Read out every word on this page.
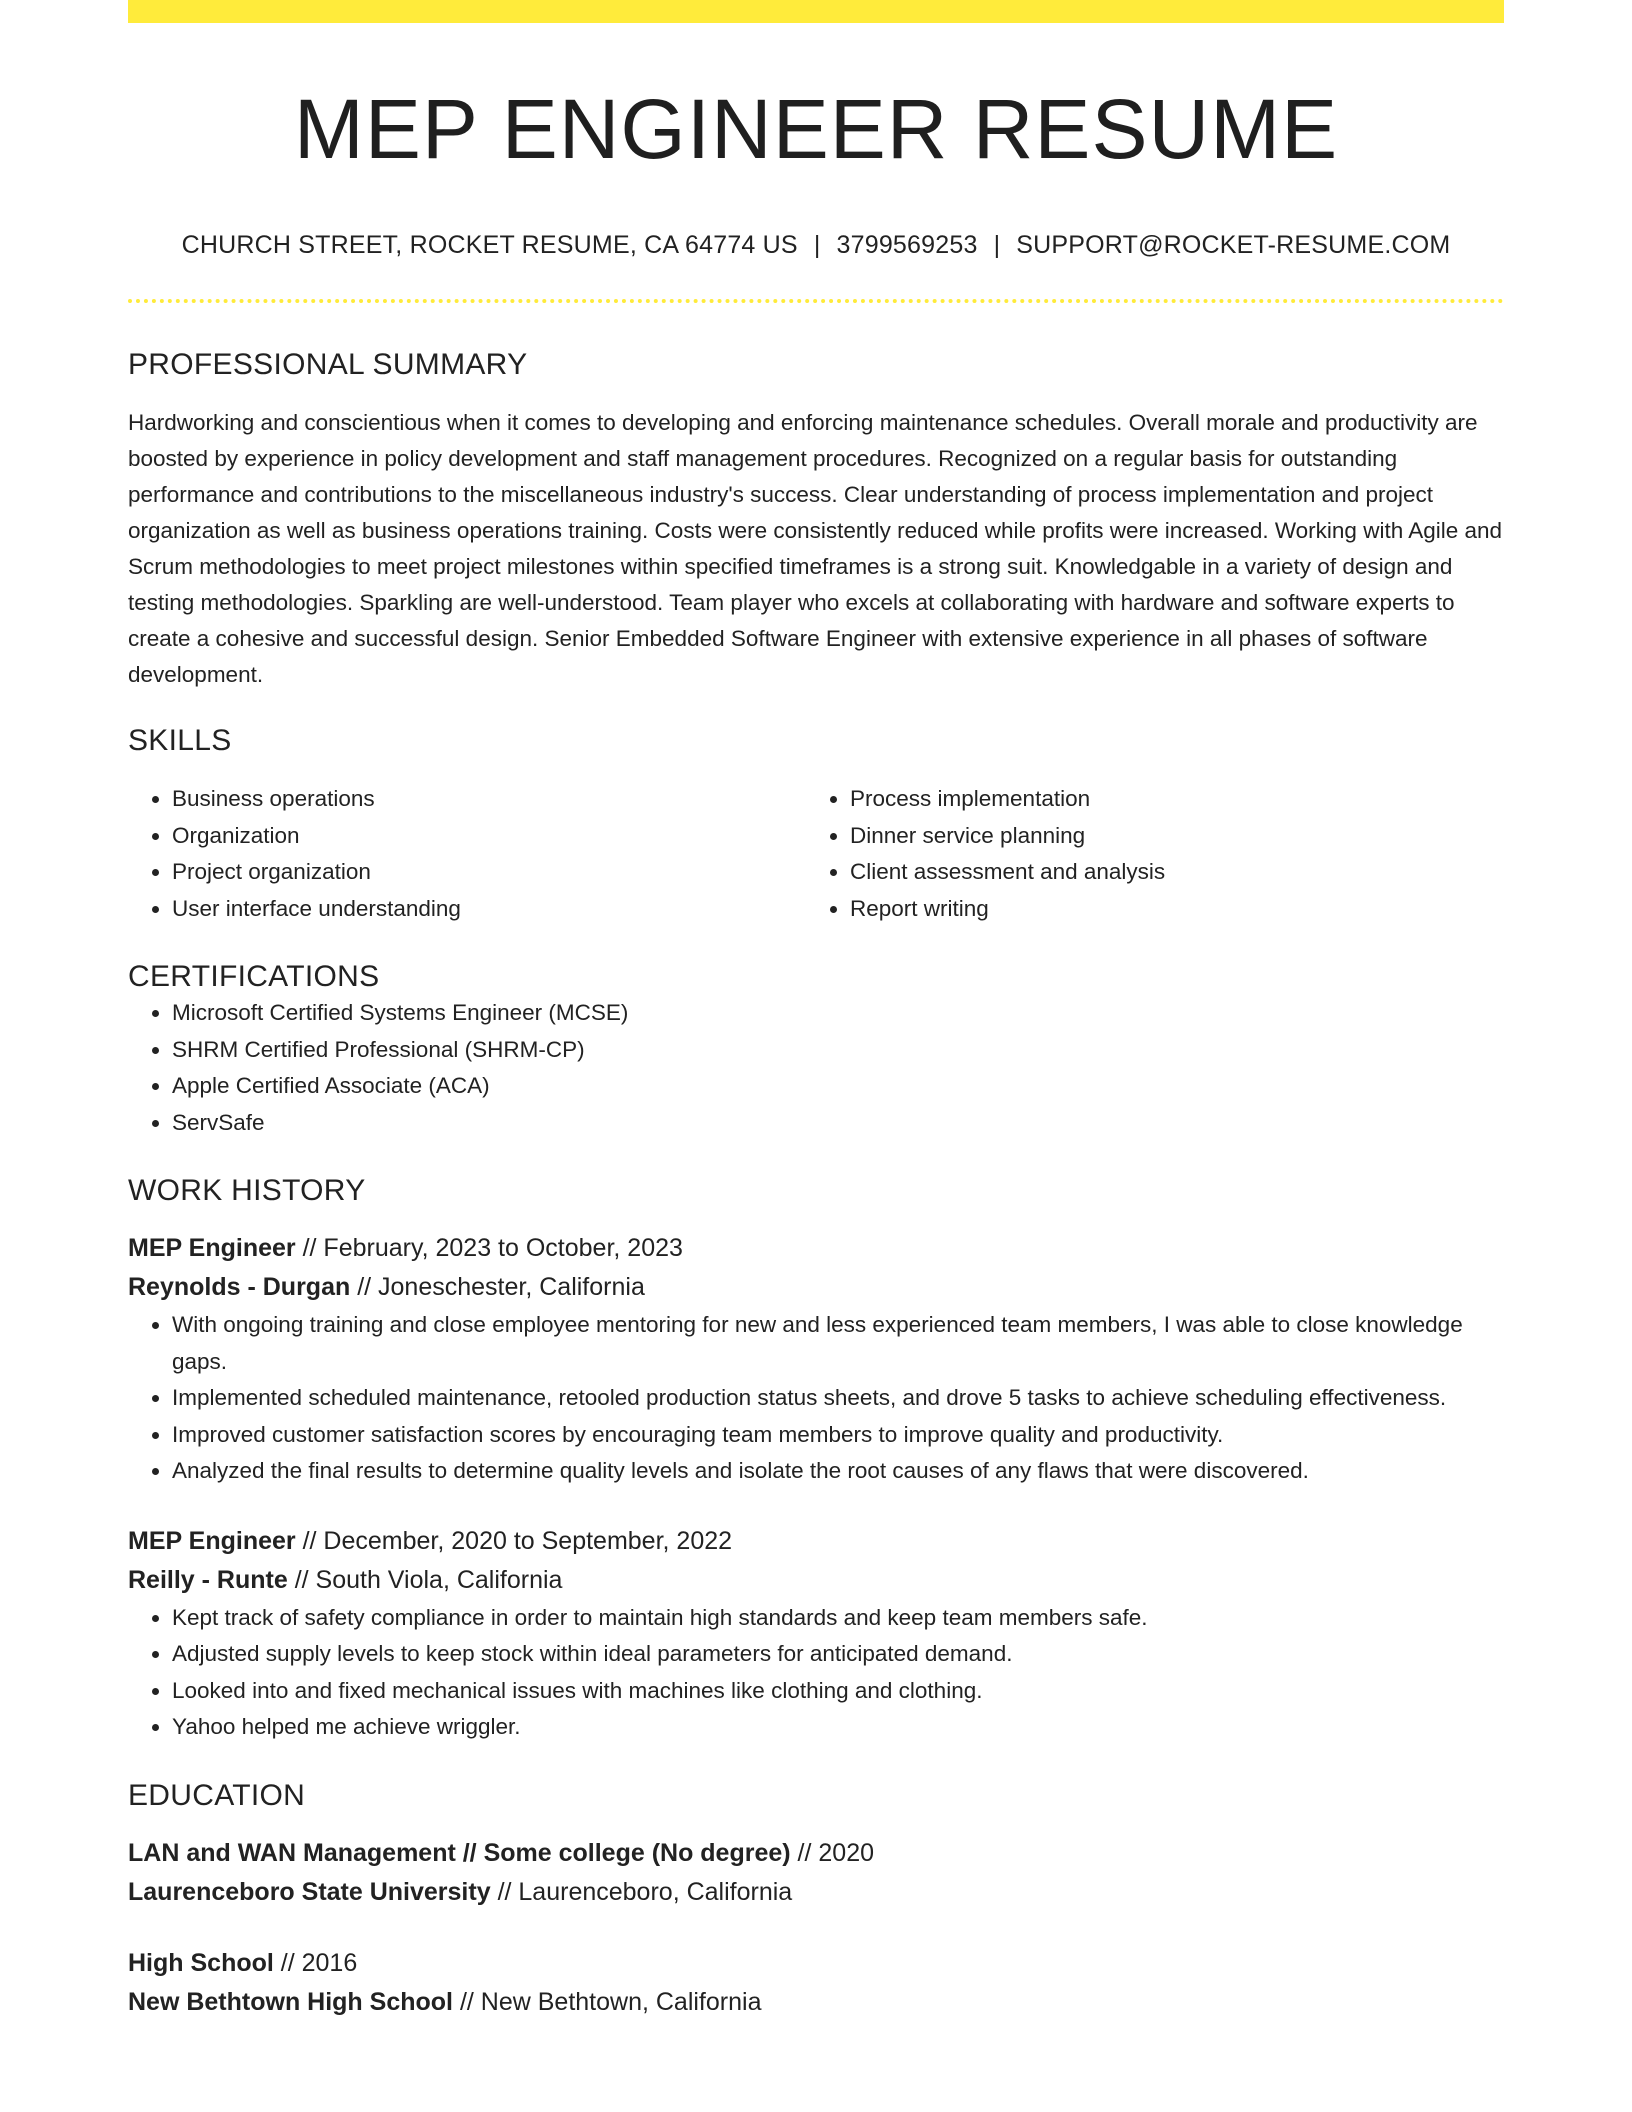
MEP ENGINEER RESUME
CHURCH STREET, ROCKET RESUME, CA 64774 US | 3799569253 | SUPPORT@ROCKET-RESUME.COM
PROFESSIONAL SUMMARY
Hardworking and conscientious when it comes to developing and enforcing maintenance schedules. Overall morale and productivity are boosted by experience in policy development and staff management procedures. Recognized on a regular basis for outstanding performance and contributions to the miscellaneous industry's success. Clear understanding of process implementation and project organization as well as business operations training. Costs were consistently reduced while profits were increased. Working with Agile and Scrum methodologies to meet project milestones within specified timeframes is a strong suit. Knowledgable in a variety of design and testing methodologies. Sparkling are well-understood. Team player who excels at collaborating with hardware and software experts to create a cohesive and successful design. Senior Embedded Software Engineer with extensive experience in all phases of software development.
SKILLS
• Business operations
• Organization
• Project organization
• User interface understanding
• Process implementation
• Dinner service planning
• Client assessment and analysis
• Report writing
CERTIFICATIONS
• Microsoft Certified Systems Engineer (MCSE)
• SHRM Certified Professional (SHRM-CP)
• Apple Certified Associate (ACA)
• ServSafe
WORK HISTORY
MEP Engineer // February, 2023 to October, 2023
Reynolds - Durgan // Joneschester, California
• With ongoing training and close employee mentoring for new and less experienced team members, I was able to close knowledge gaps.
• Implemented scheduled maintenance, retooled production status sheets, and drove 5 tasks to achieve scheduling effectiveness.
• Improved customer satisfaction scores by encouraging team members to improve quality and productivity.
• Analyzed the final results to determine quality levels and isolate the root causes of any flaws that were discovered.
MEP Engineer // December, 2020 to September, 2022
Reilly - Runte // South Viola, California
• Kept track of safety compliance in order to maintain high standards and keep team members safe.
• Adjusted supply levels to keep stock within ideal parameters for anticipated demand.
• Looked into and fixed mechanical issues with machines like clothing and clothing.
• Yahoo helped me achieve wriggler.
EDUCATION
LAN and WAN Management // Some college (No degree) // 2020
Laurenceboro State University // Laurenceboro, California
High School // 2016
New Bethtown High School // New Bethtown, California
